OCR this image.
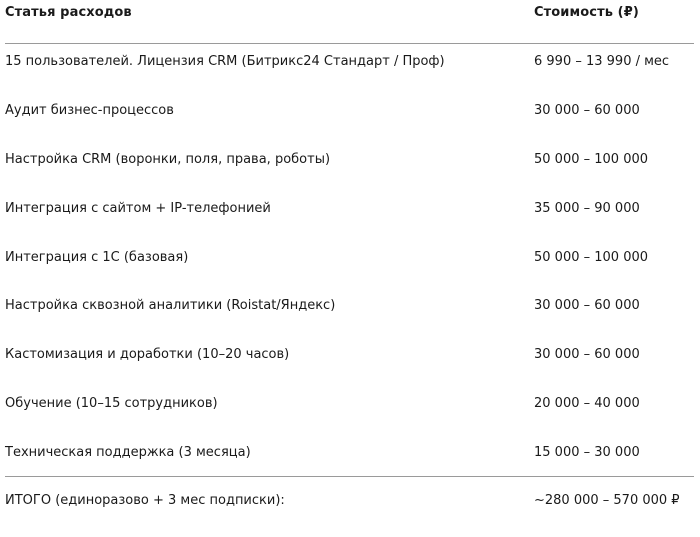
Статья расходов	Стоимость (₽)
15 пользователей. Лицензия CRM (Битрикс24 Стандарт / Проф)	6 990 – 13 990 / мес
Аудит бизнес-процессов	30 000 – 60 000
Настройка CRM (воронки, поля, права, роботы)	50 000 – 100 000
Интеграция с сайтом + IP-телефонией	35 000 – 90 000
Интеграция с 1С (базовая)	50 000 – 100 000
Настройка сквозной аналитики (Roistat/Яндекс)	30 000 – 60 000
Кастомизация и доработки (10–20 часов)	30 000 – 60 000
Обучение (10–15 сотрудников)	20 000 – 40 000
Техническая поддержка (3 месяца)	15 000 – 30 000
ИТОГО (единоразово + 3 мес подписки):	~280 000 – 570 000 ₽
